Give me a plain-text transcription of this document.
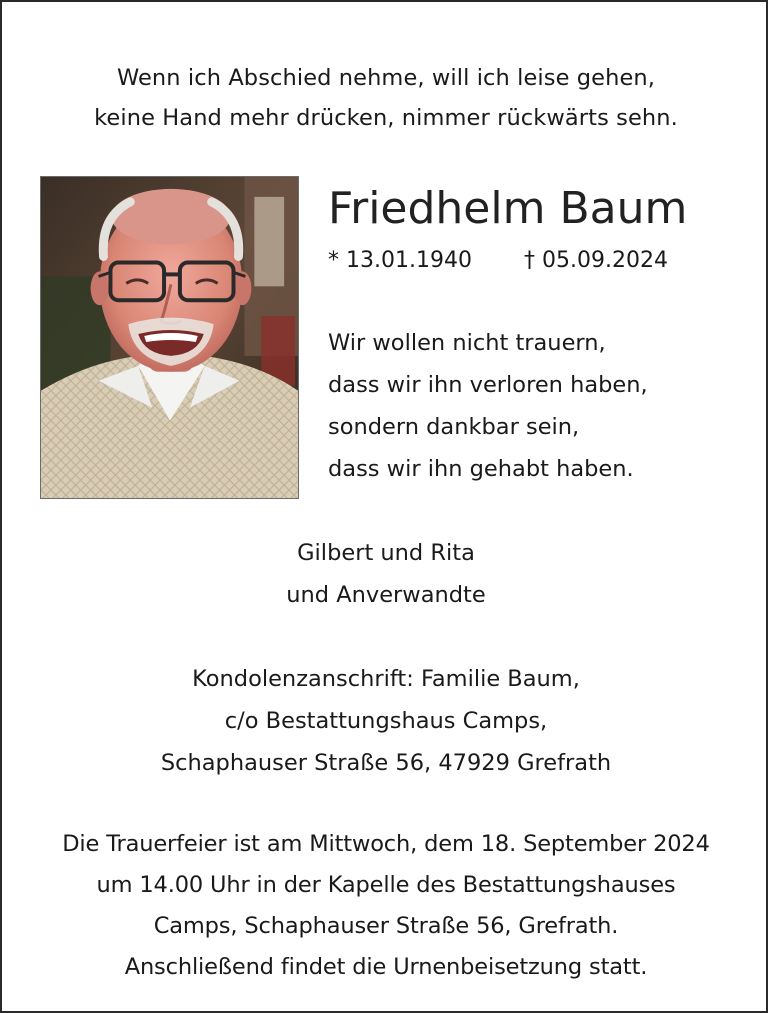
Wenn ich Abschied nehme, will ich leise gehen,
keine Hand mehr drücken, nimmer rückwärts sehn.
Friedhelm Baum
* 13.01.1940 † 05.09.2024
Wir wollen nicht trauern,
dass wir ihn verloren haben,
sondern dankbar sein,
dass wir ihn gehabt haben.
Gilbert und Rita
und Anverwandte
Kondolenzanschrift: Familie Baum,
c/o Bestattungshaus Camps,
Schaphauser Straße 56, 47929 Grefrath
Die Trauerfeier ist am Mittwoch, dem 18. September 2024
um 14.00 Uhr in der Kapelle des Bestattungshauses
Camps, Schaphauser Straße 56, Grefrath.
Anschließend findet die Urnenbeisetzung statt.
